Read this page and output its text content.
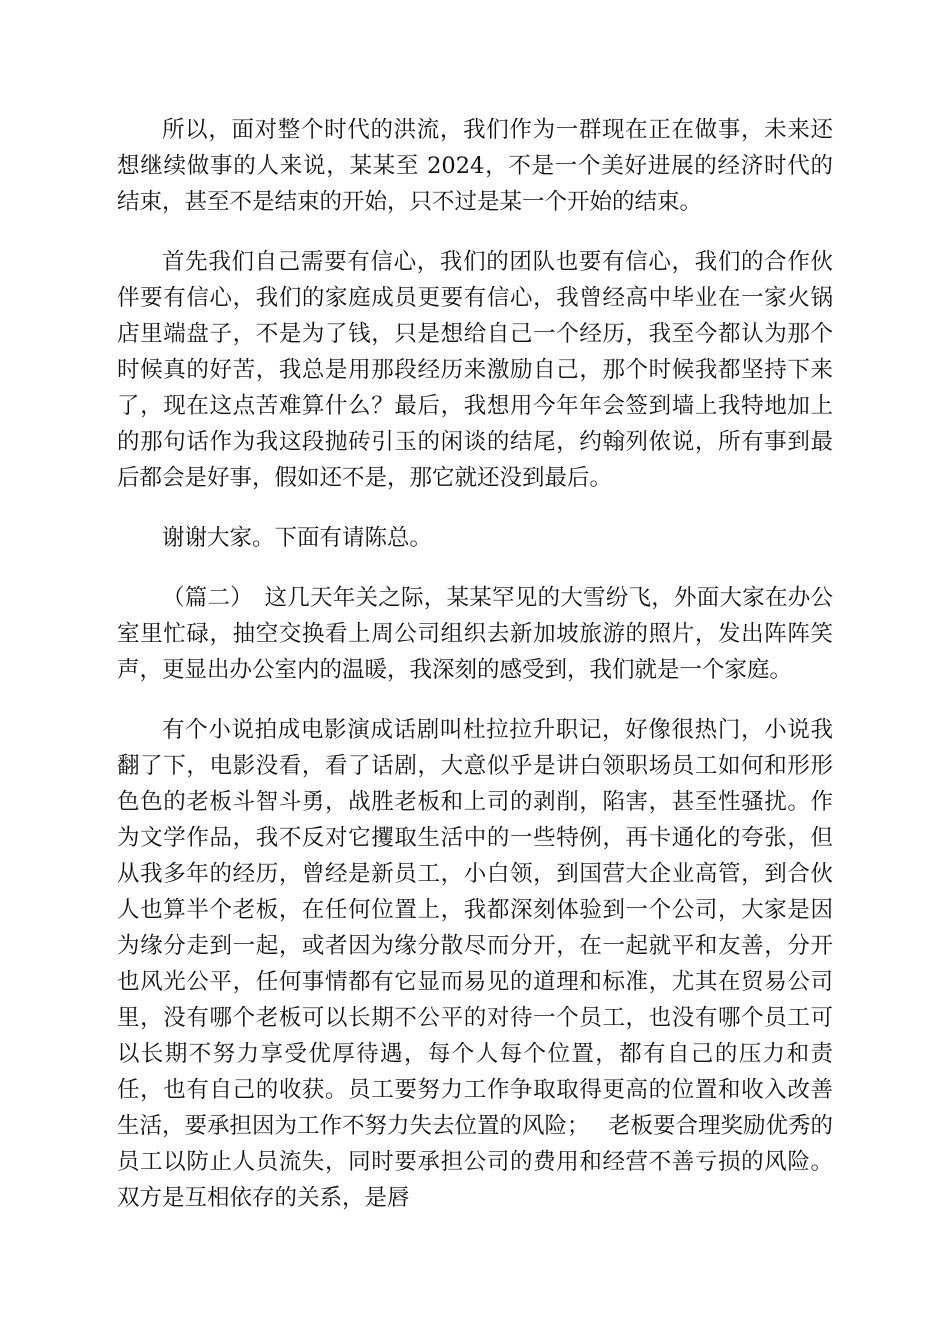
所以，面对整个时代的洪流，我们作为一群现在正在做事，未来还想继续做事的人来说，某某至 2024，不是一个美好进展的经济时代的结束，甚至不是结束的开始，只不过是某一个开始的结束。

首先我们自己需要有信心，我们的团队也要有信心，我们的合作伙伴要有信心，我们的家庭成员更要有信心，我曾经高中毕业在一家火锅店里端盘子，不是为了钱，只是想给自己一个经历，我至今都认为那个时候真的好苦，我总是用那段经历来激励自己，那个时候我都坚持下来了，现在这点苦难算什么？最后，我想用今年年会签到墙上我特地加上的那句话作为我这段抛砖引玉的闲谈的结尾，约翰列侬说，所有事到最后都会是好事，假如还不是，那它就还没到最后。

谢谢大家。下面有请陈总。

（篇二）　这几天年关之际，某某罕见的大雪纷飞，外面大家在办公室里忙碌，抽空交换看上周公司组织去新加坡旅游的照片，发出阵阵笑声，更显出办公室内的温暖，我深刻的感受到，我们就是一个家庭。

有个小说拍成电影演成话剧叫杜拉拉升职记，好像很热门，小说我翻了下，电影没看，看了话剧，大意似乎是讲白领职场员工如何和形形色色的老板斗智斗勇，战胜老板和上司的剥削，陷害，甚至性骚扰。作为文学作品，我不反对它攫取生活中的一些特例，再卡通化的夸张，但从我多年的经历，曾经是新员工，小白领，到国营大企业高管，到合伙人也算半个老板，在任何位置上，我都深刻体验到一个公司，大家是因为缘分走到一起，或者因为缘分散尽而分开，在一起就平和友善，分开也风光公平，任何事情都有它显而易见的道理和标准，尤其在贸易公司里，没有哪个老板可以长期不公平的对待一个员工，也没有哪个员工可以长期不努力享受优厚待遇，每个人每个位置，都有自己的压力和责任，也有自己的收获。员工要努力工作争取取得更高的位置和收入改善生活，要承担因为工作不努力失去位置的风险；　 老板要合理奖励优秀的员工以防止人员流失，同时要承担公司的费用和经营不善亏损的风险。双方是互相依存的关系，是唇
